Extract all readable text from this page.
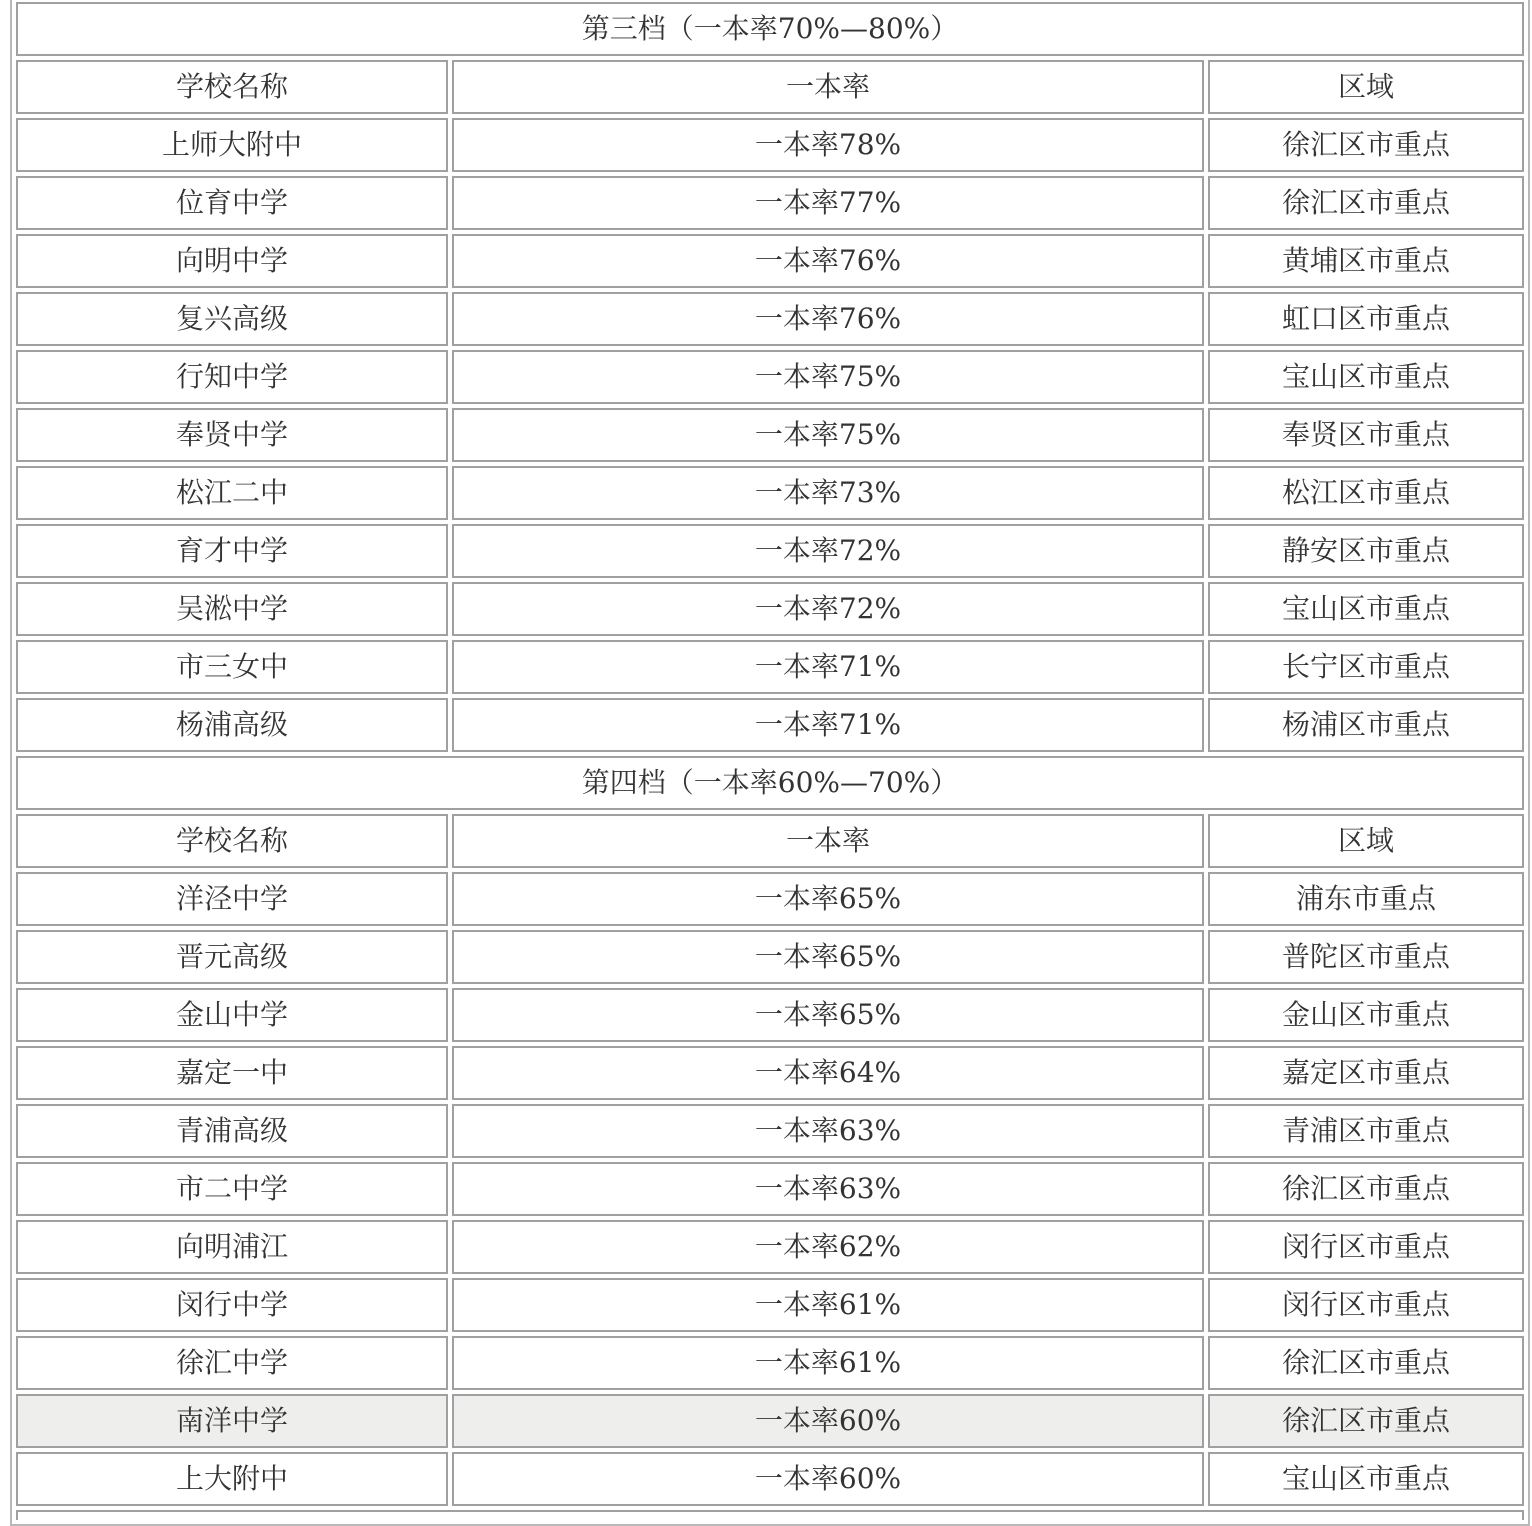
第三档（一本率70%—80%）		
学校名称	一本率	区域
上师大附中	一本率78%	徐汇区市重点
位育中学	一本率77%	徐汇区市重点
向明中学	一本率76%	黄埔区市重点
复兴高级	一本率76%	虹口区市重点
行知中学	一本率75%	宝山区市重点
奉贤中学	一本率75%	奉贤区市重点
松江二中	一本率73%	松江区市重点
育才中学	一本率72%	静安区市重点
吴淞中学	一本率72%	宝山区市重点
市三女中	一本率71%	长宁区市重点
杨浦高级	一本率71%	杨浦区市重点
第四档（一本率60%—70%）		
学校名称	一本率	区域
洋泾中学	一本率65%	浦东市重点
晋元高级	一本率65%	普陀区市重点
金山中学	一本率65%	金山区市重点
嘉定一中	一本率64%	嘉定区市重点
青浦高级	一本率63%	青浦区市重点
市二中学	一本率63%	徐汇区市重点
向明浦江	一本率62%	闵行区市重点
闵行中学	一本率61%	闵行区市重点
徐汇中学	一本率61%	徐汇区市重点
南洋中学	一本率60%	徐汇区市重点
上大附中	一本率60%	宝山区市重点
